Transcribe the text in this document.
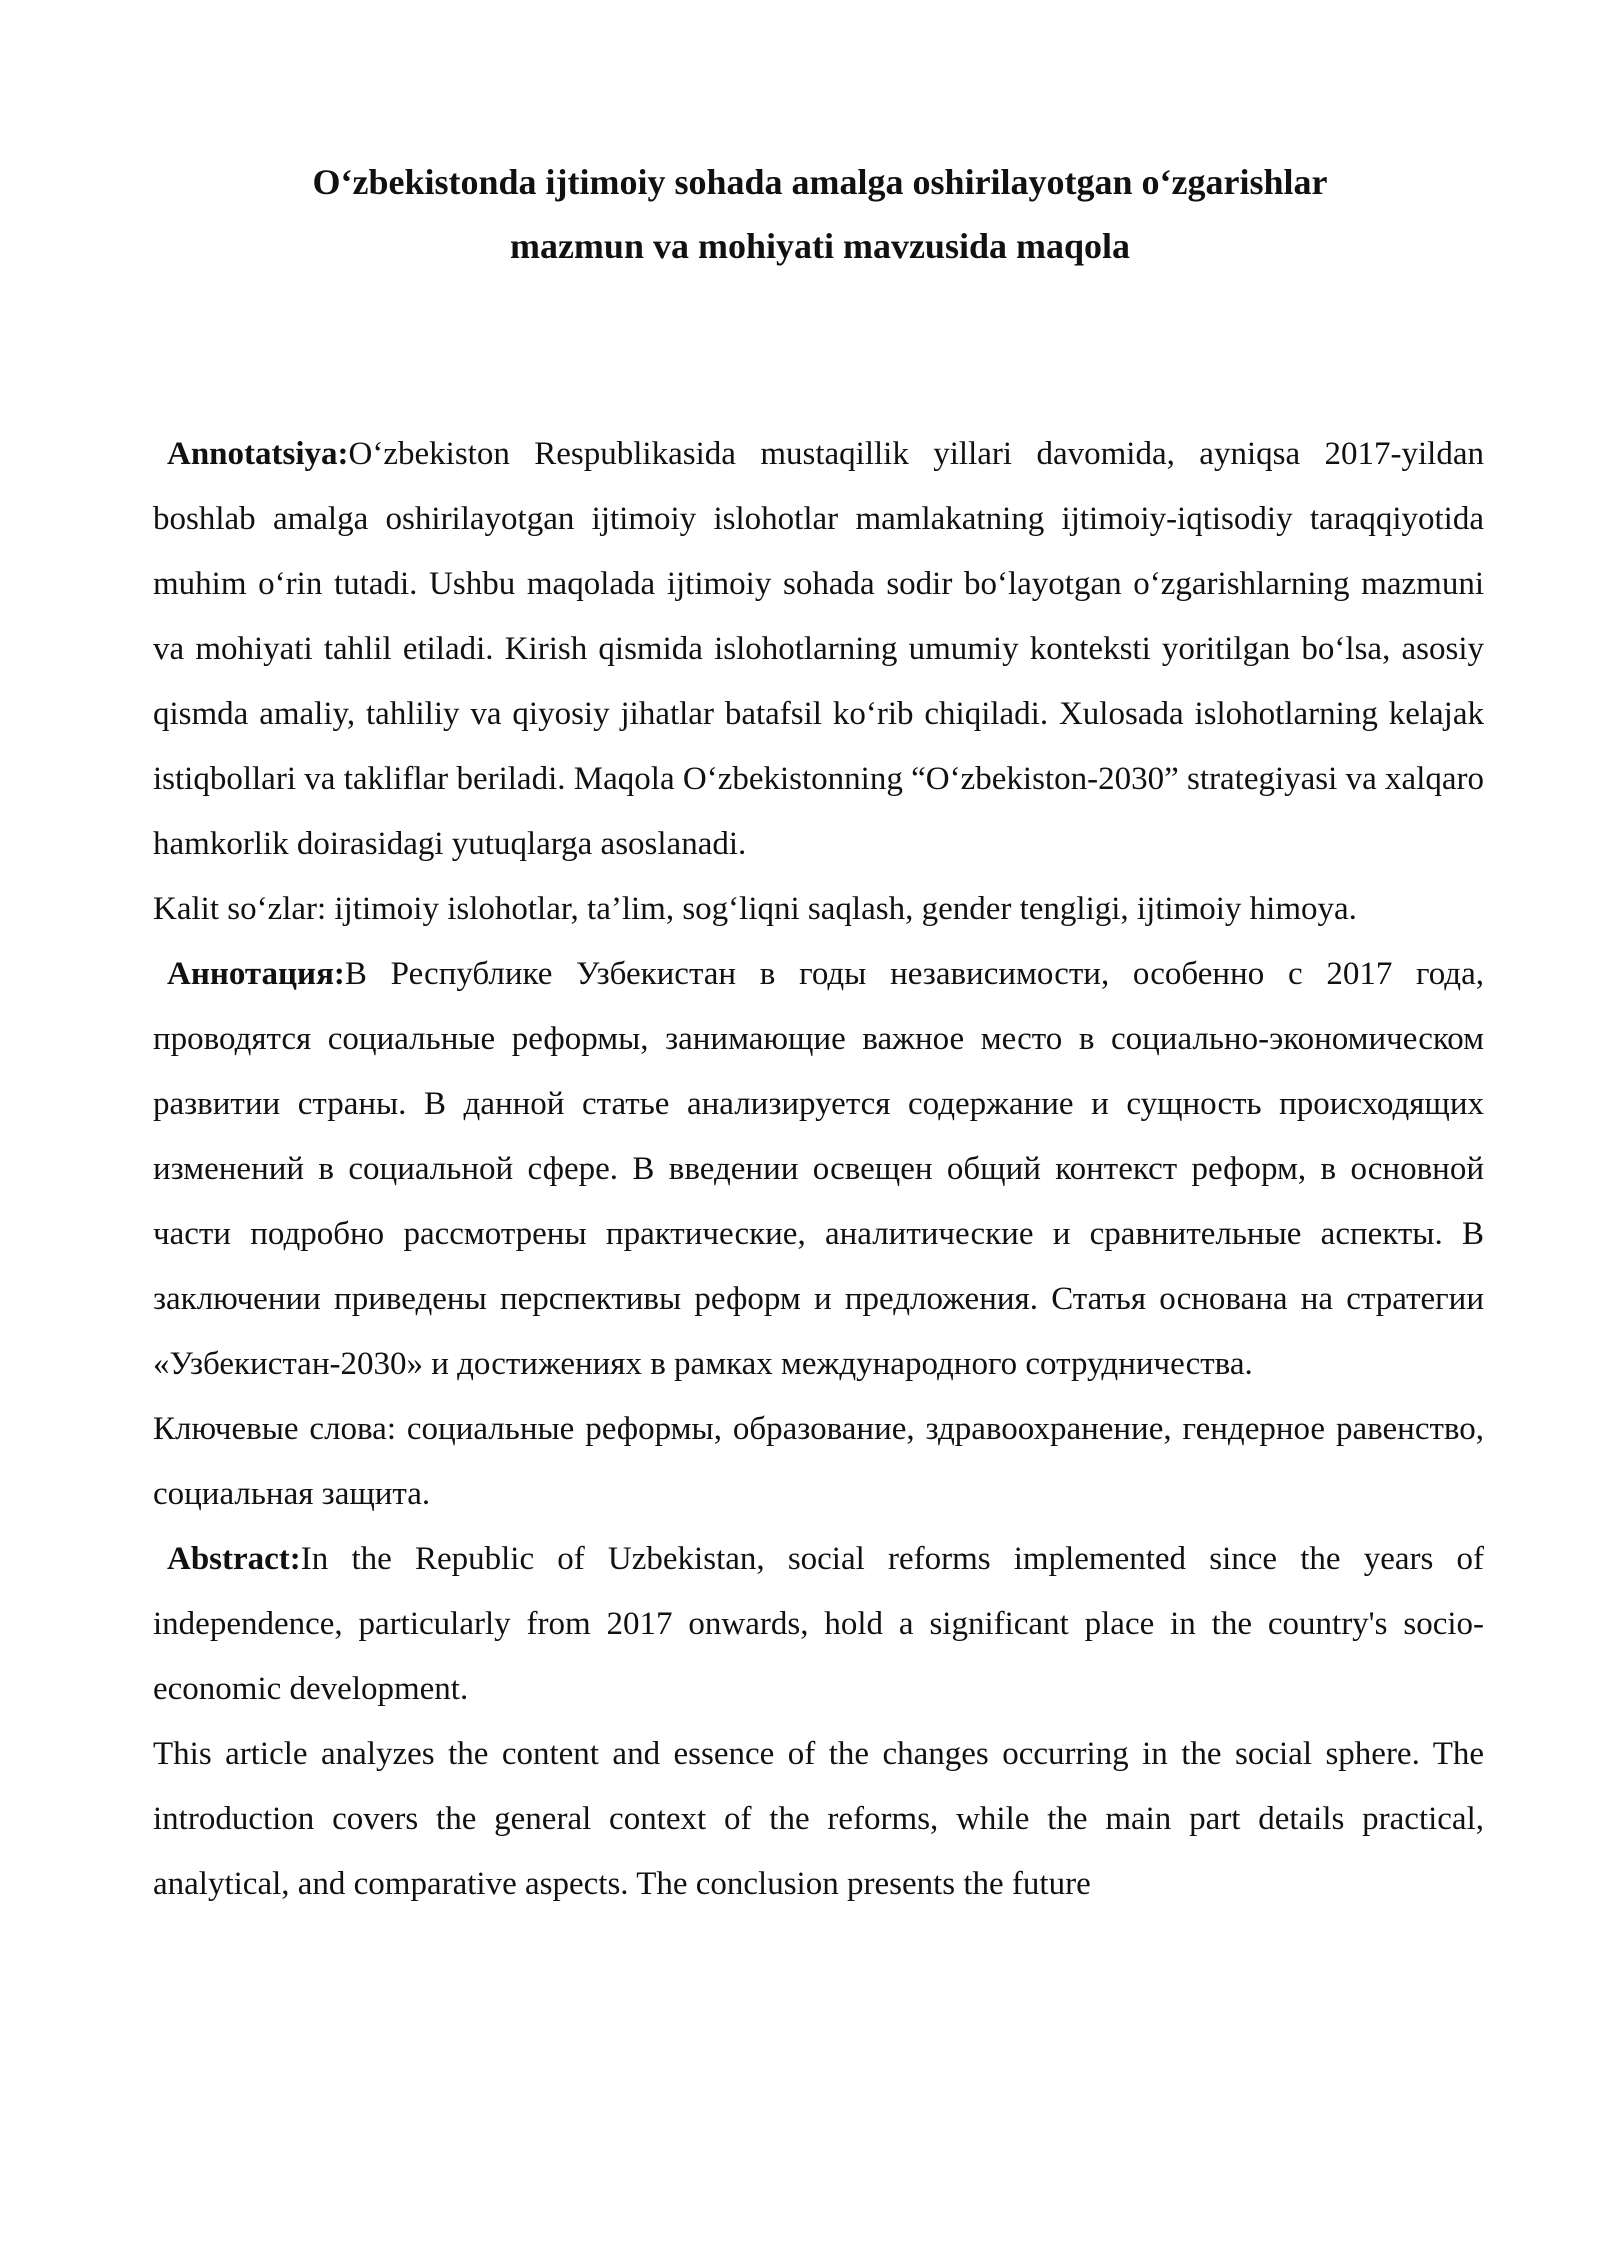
O‘zbekistonda ijtimoiy sohada amalga oshirilayotgan o‘zgarishlar
mazmun va mohiyati mavzusida maqola

Annotatsiya:O‘zbekiston Respublikasida mustaqillik yillari davomida, ayniqsa 2017-yildan boshlab amalga oshirilayotgan ijtimoiy islohotlar mamlakatning ijtimoiy-iqtisodiy taraqqiyotida muhim o‘rin tutadi. Ushbu maqolada ijtimoiy sohada sodir bo‘layotgan o‘zgarishlarning mazmuni va mohiyati tahlil etiladi. Kirish qismida islohotlarning umumiy konteksti yoritilgan bo‘lsa, asosiy qismda amaliy, tahliliy va qiyosiy jihatlar batafsil ko‘rib chiqiladi. Xulosada islohotlarning kelajak istiqbollari va takliflar beriladi. Maqola O‘zbekistonning “O‘zbekiston-2030” strategiyasi va xalqaro hamkorlik doirasidagi yutuqlarga asoslanadi.

Kalit so‘zlar: ijtimoiy islohotlar, ta’lim, sog‘liqni saqlash, gender tengligi, ijtimoiy himoya.

Аннотация:В Республике Узбекистан в годы независимости, особенно с 2017 года, проводятся социальные реформы, занимающие важное место в социально-экономическом развитии страны. В данной статье анализируется содержание и сущность происходящих изменений в социальной сфере. В введении освещен общий контекст реформ, в основной части подробно рассмотрены практические, аналитические и сравнительные аспекты. В заключении приведены перспективы реформ и предложения. Статья основана на стратегии «Узбекистан-2030» и достижениях в рамках международного сотрудничества.

Ключевые слова: социальные реформы, образование, здравоохранение, гендерное равенство, социальная защита.

Abstract:In the Republic of Uzbekistan, social reforms implemented since the years of independence, particularly from 2017 onwards, hold a significant place in the country's socio-economic development.

This article analyzes the content and essence of the changes occurring in the social sphere. The introduction covers the general context of the reforms, while the main part details practical, analytical, and comparative aspects. The conclusion presents the future
